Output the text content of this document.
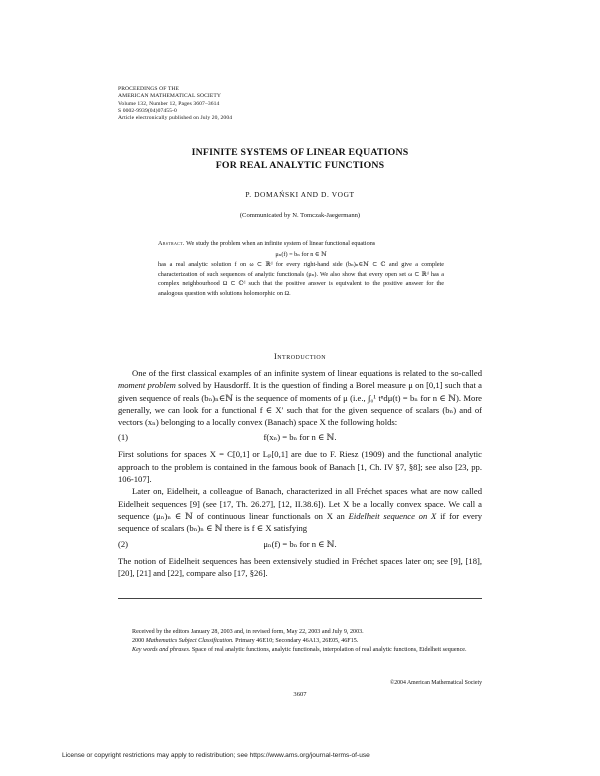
PROCEEDINGS OF THE
AMERICAN MATHEMATICAL SOCIETY
Volume 132, Number 12, Pages 3607–3614
S 0002-9939(04)07455-0
Article electronically published on July 20, 2004
INFINITE SYSTEMS OF LINEAR EQUATIONS
FOR REAL ANALYTIC FUNCTIONS
P. DOMAŃSKI AND D. VOGT
(Communicated by N. Tomczak-Jaegermann)

Abstract. We study the problem when an infinite system of linear functional equations

μₙ(f) = bₙ for n ∈ ℕ

has a real analytic solution f on ω ⊂ ℝᵈ for every right-hand side (bₙ)ₙ∈ℕ ⊂ ℂ and give a complete characterization of such sequences of analytic functionals (μₙ). We also show that every open set ω ⊂ ℝᵈ has a complex neighbourhood Ω ⊂ ℂᵈ such that the positive answer is equivalent to the positive answer for the analogous question with solutions holomorphic on Ω.

Introduction

One of the first classical examples of an infinite system of linear equations is related to the so-called moment problem solved by Hausdorff. It is the question of finding a Borel measure μ on [0,1] such that a given sequence of reals (bₙ)ₙ∈ℕ is the sequence of moments of μ (i.e., ∫₀¹ tⁿdμ(t) = bₙ for n ∈ ℕ). More generally, we can look for a functional f ∈ X′ such that for the given sequence of scalars (bₙ) and of vectors (xₙ) belonging to a locally convex (Banach) space X the following holds:

(1)	f(xₙ) = bₙ for n ∈ ℕ.

First solutions for spaces X = C[0,1] or Lₚ[0,1] are due to F. Riesz (1909) and the functional analytic approach to the problem is contained in the famous book of Banach [1, Ch. IV §7, §8]; see also [23, pp. 106-107].

Later on, Eidelheit, a colleague of Banach, characterized in all Fréchet spaces what are now called Eidelheit sequences [9] (see [17, Th. 26.27], [12, II.38.6]). Let X be a locally convex space. We call a sequence (μₙ)ₙ ∈ ℕ of continuous linear functionals on X an Eidelheit sequence on X if for every sequence of scalars (bₙ)ₙ ∈ ℕ there is f ∈ X satisfying

(2)	μₙ(f) = bₙ for n ∈ ℕ.

The notion of Eidelheit sequences has been extensively studied in Fréchet spaces later on; see [9], [18], [20], [21] and [22], compare also [17, §26].

Received by the editors January 28, 2003 and, in revised form, May 22, 2003 and July 9, 2003.

2000 Mathematics Subject Classification. Primary 46E10; Secondary 46A13, 26E05, 46F15.

Key words and phrases. Space of real analytic functions, analytic functionals, interpolation of real analytic functions, Eidelheit sequence.

©2004 American Mathematical Society
3607
License or copyright restrictions may apply to redistribution; see https://www.ams.org/journal-terms-of-use
